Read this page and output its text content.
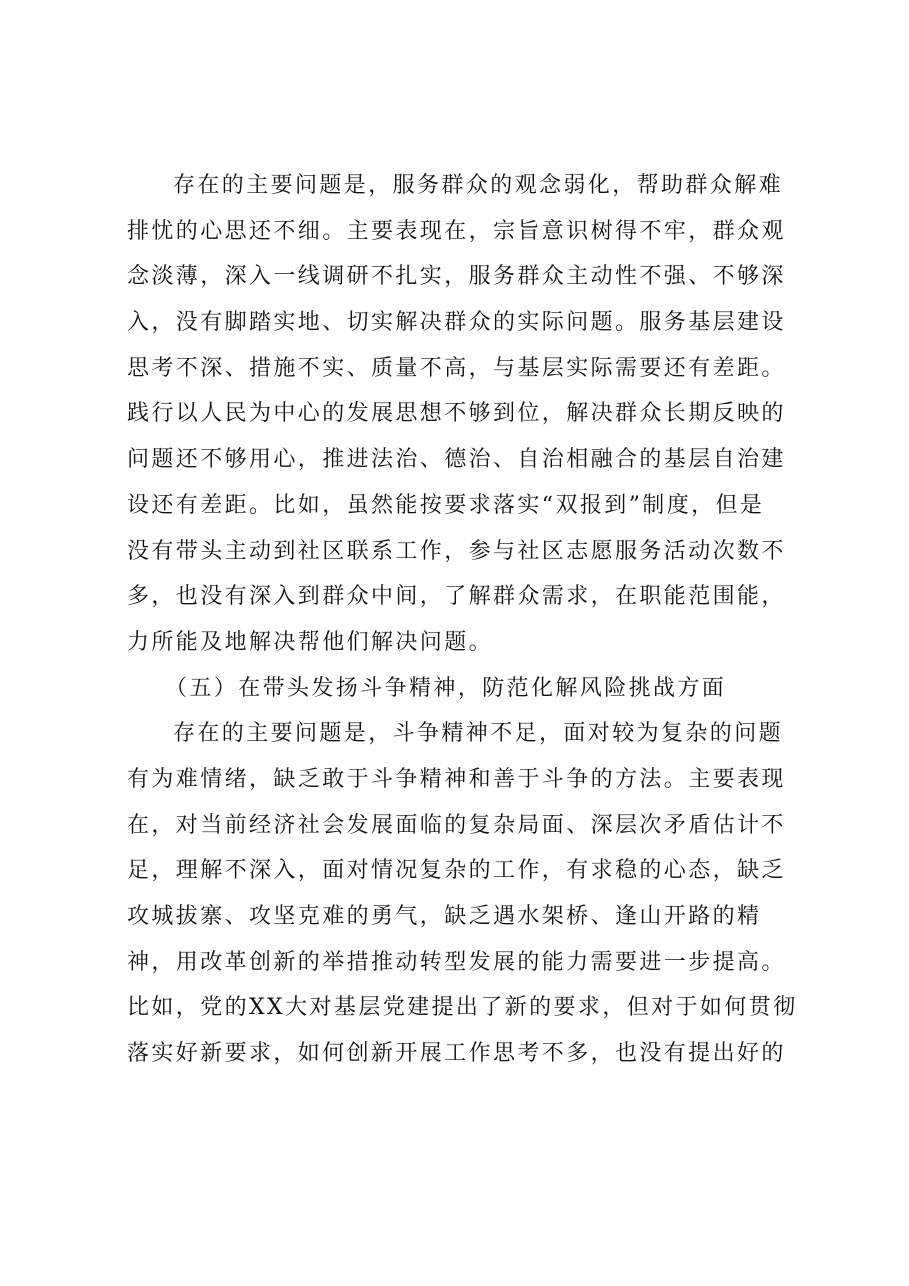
存在的主要问题是，服务群众的观念弱化，帮助群众解难
排忧的心思还不细。主要表现在，宗旨意识树得不牢，群众观
念淡薄，深入一线调研不扎实，服务群众主动性不强、不够深
入，没有脚踏实地、切实解决群众的实际问题。服务基层建设
思考不深、措施不实、质量不高，与基层实际需要还有差距。
践行以人民为中心的发展思想不够到位，解决群众长期反映的
问题还不够用心，推进法治、德治、自治相融合的基层自治建
设还有差距。比如，虽然能按要求落实“双报到”制度，但是
没有带头主动到社区联系工作，参与社区志愿服务活动次数不
多，也没有深入到群众中间，了解群众需求，在职能范围能，
力所能及地解决帮他们解决问题。
（五）在带头发扬斗争精神，防范化解风险挑战方面
存在的主要问题是，斗争精神不足，面对较为复杂的问题
有为难情绪，缺乏敢于斗争精神和善于斗争的方法。主要表现
在，对当前经济社会发展面临的复杂局面、深层次矛盾估计不
足，理解不深入，面对情况复杂的工作，有求稳的心态，缺乏
攻城拔寨、攻坚克难的勇气，缺乏遇水架桥、逢山开路的精
神，用改革创新的举措推动转型发展的能力需要进一步提高。
比如，党的XX大对基层党建提出了新的要求，但对于如何贯彻
落实好新要求，如何创新开展工作思考不多，也没有提出好的
